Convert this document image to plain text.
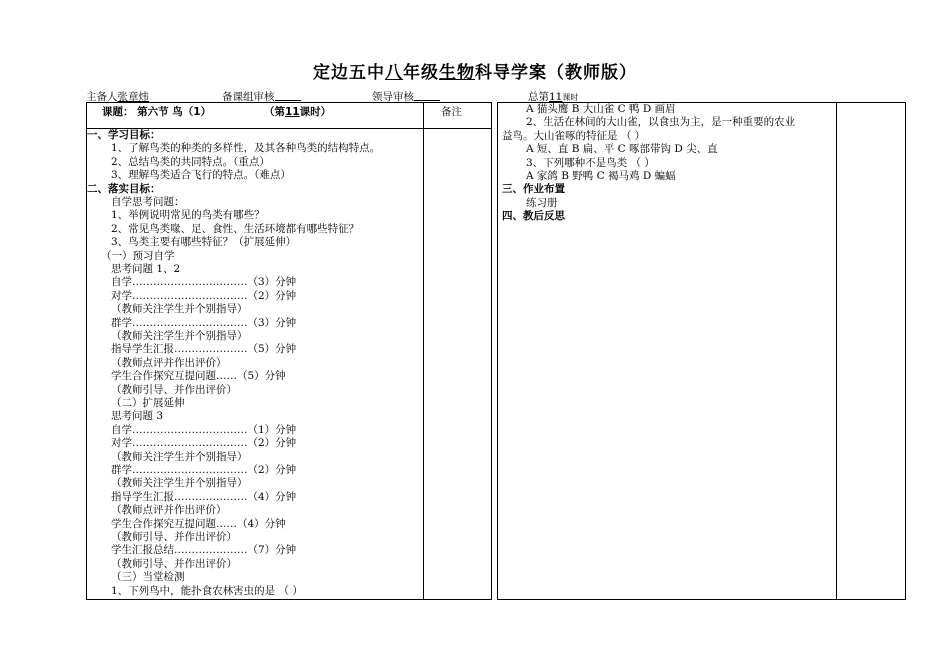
定边五中八年级生物科导学案（教师版）
主备人张章炜	备课组审核	领导审核	总第11课时
课题： 第六节 鸟（1）	（第11课时）	备注
一、学习目标：
1、了解鸟类的种类的多样性，及其各种鸟类的结构特点。
2、总结鸟类的共同特点。（重点）
3、理解鸟类适合飞行的特点。（难点）
二、落实目标：
自学思考问题：
1、举例说明常见的鸟类有哪些？
2、常见鸟类喙、足、食性、生活环境都有哪些特征？
3、鸟类主要有哪些特征？（扩展延伸）
（一）预习自学
思考问题 1、2
自学……………………………（3）分钟
对学……………………………（2）分钟
（教师关注学生并个别指导）
群学……………………………（3）分钟
（教师关注学生并个别指导）
指导学生汇报…………………（5）分钟
（教师点评并作出评价）
学生合作探究互提问题……（5）分钟
（教师引导、并作出评价）
（二）扩展延伸
思考问题 3
自学……………………………（1）分钟
对学……………………………（2）分钟
（教师关注学生并个别指导）
群学……………………………（2）分钟
（教师关注学生并个别指导）
指导学生汇报…………………（4）分钟
（教师点评并作出评价）
学生合作探究互提问题……（4）分钟
（教师引导、并作出评价）
学生汇报总结…………………（7）分钟
（教师引导、并作出评价）
（三）当堂检测
1、下列鸟中，能扑食农林害虫的是 （ ）
A 猫头鹰 B 大山雀 C 鸭 D 画眉
2、生活在林间的大山雀，以食虫为主，是一种重要的农业
益鸟。大山雀啄的特征是 （ ）
A 短、直 B 扁、平 C 啄部带钩 D 尖、直
3、下列哪种不是鸟类 （ ）
A 家鸽 B 野鸭 C 褐马鸡 D 蝙蝠
三、作业布置
练习册
四、教后反思
